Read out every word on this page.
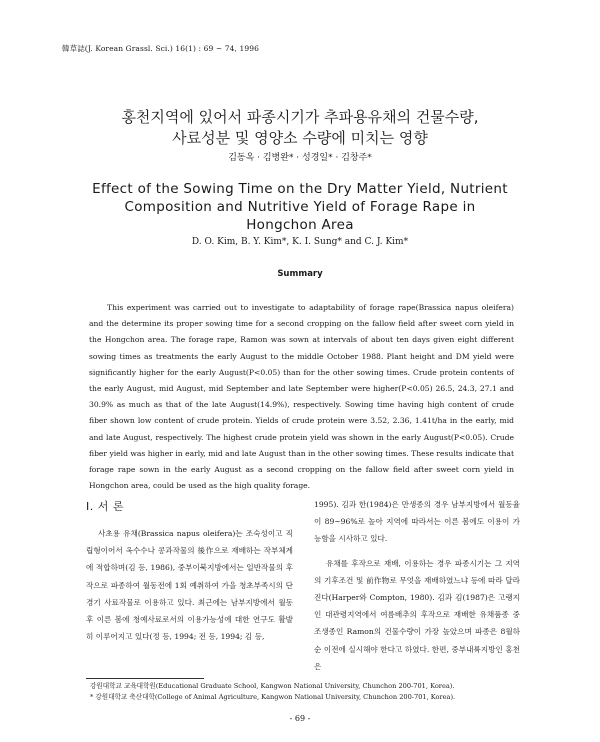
韓草誌(J. Korean Grassl. Sci.) 16(1) : 69 ~ 74, 1996
홍천지역에 있어서 파종시기가 추파용유채의 건물수량,
사료성분 및 영양소 수량에 미치는 영향
김동옥 · 김병완* · 성경일* · 김창주*
Effect of the Sowing Time on the Dry Matter Yield, Nutrient
Composition and Nutritive Yield of Forage Rape in
Hongchon Area
D. O. Kim, B. Y. Kim*, K. I. Sung* and C. J. Kim*
Summary

This experiment was carried out to investigate to adaptability of forage rape(Brassica napus oleifera) and the determine its proper sowing time for a second cropping on the fallow field after sweet corn yield in the Hongchon area. The forage rape, Ramon was sown at intervals of about ten days given eight different sowing times as treatments the early August to the middle October 1988. Plant height and DM yield were significantly higher for the early August(P<0.05) than for the other sowing times. Crude protein contents of the early August, mid August, mid September and late September were higher(P<0.05) 26.5, 24.3, 27.1 and 30.9% as much as that of the late August(14.9%), respectively. Sowing time having high content of crude fiber shown low content of crude protein. Yields of crude protein were 3.52, 2.36, 1.41t/ha in the early, mid and late August, respectively. The highest crude protein yield was shown in the early August(P<0.05). Crude fiber yield was higher in early, mid and late August than in the other sowing times. These results indicate that forage rape sown in the early August as a second cropping on the fallow field after sweet corn yield in Hongchon area, could be used as the high quality forage.

I. 서 론

사초용 유채(Brassica napus oleifera)는 조숙성이고 직립형이어서 옥수수나 콩과작물의 後作으로 재배하는 작부체계에 적합하며(김 등, 1986), 중부이북지방에서는 일반작물의 후작으로 파종하여 월동전에 1회 예취하여 가을 청초부족시의 단경기 사료작물로 이용하고 있다. 최근에는 남부지방에서 월동후 이른 봄에 청예사료로서의 이용가능성에 대한 연구도 활발히 이루어지고 있다(정 등, 1994; 전 등, 1994; 김 등,

1995). 김과 한(1984)은 만생종의 경우 남부지방에서 월동율이 89~96%로 높아 지역에 따라서는 이른 봄에도 이용이 가능함을 시사하고 있다.

유채를 후작으로 재배, 이용하는 경우 파종시기는 그 지역의 기후조건 및 前作物로 무엇을 재배하였느냐 등에 따라 달라진다(Harper와 Compton, 1980). 김과 김(1987)은 고랭지인 대관령지역에서 여름배추의 후작으로 재배한 유채품종 중 조생종인 Ramon의 건물수량이 가장 높았으며 파종은 8월하순 이전에 실시해야 한다고 하였다. 한편, 중부내륙지방인 홍천은

강원대학교 교육대학원(Educational Graduate School, Kangwon National University, Chunchon 200-701, Korea).
* 강원대학교 축산대학(College of Animal Agriculture, Kangwon National University, Chunchon 200-701, Korea).
- 69 -
